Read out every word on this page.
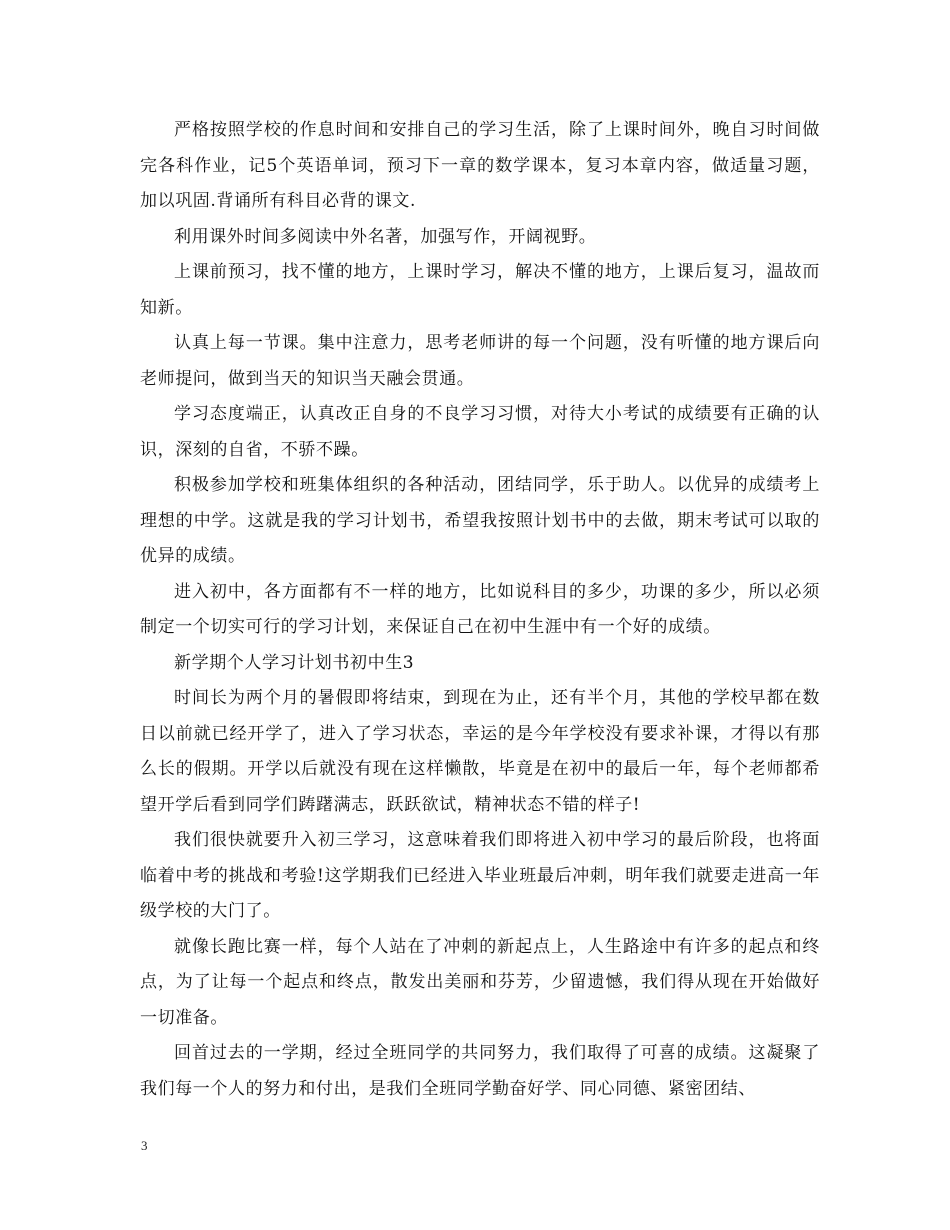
严格按照学校的作息时间和安排自己的学习生活，除了上课时间外，晚自习时间做完各科作业，记5个英语单词，预习下一章的数学课本，复习本章内容，做适量习题，加以巩固.背诵所有科目必背的课文.

利用课外时间多阅读中外名著，加强写作，开阔视野。

上课前预习，找不懂的地方，上课时学习，解决不懂的地方，上课后复习，温故而知新。

认真上每一节课。集中注意力，思考老师讲的每一个问题，没有听懂的地方课后向老师提问，做到当天的知识当天融会贯通。

学习态度端正，认真改正自身的不良学习习惯，对待大小考试的成绩要有正确的认识，深刻的自省，不骄不躁。

积极参加学校和班集体组织的各种活动，团结同学，乐于助人。以优异的成绩考上理想的中学。这就是我的学习计划书，希望我按照计划书中的去做，期末考试可以取的优异的成绩。

进入初中，各方面都有不一样的地方，比如说科目的多少，功课的多少，所以必须制定一个切实可行的学习计划，来保证自己在初中生涯中有一个好的成绩。

新学期个人学习计划书初中生3

时间长为两个月的暑假即将结束，到现在为止，还有半个月，其他的学校早都在数日以前就已经开学了，进入了学习状态，幸运的是今年学校没有要求补课，才得以有那么长的假期。开学以后就没有现在这样懒散，毕竟是在初中的最后一年，每个老师都希望开学后看到同学们踌躇满志，跃跃欲试，精神状态不错的样子!

我们很快就要升入初三学习，这意味着我们即将进入初中学习的最后阶段，也将面临着中考的挑战和考验!这学期我们已经进入毕业班最后冲刺，明年我们就要走进高一年级学校的大门了。

就像长跑比赛一样，每个人站在了冲刺的新起点上，人生路途中有许多的起点和终点，为了让每一个起点和终点，散发出美丽和芬芳，少留遗憾，我们得从现在开始做好一切准备。

回首过去的一学期，经过全班同学的共同努力，我们取得了可喜的成绩。这凝聚了我们每一个人的努力和付出，是我们全班同学勤奋好学、同心同德、紧密团结、

3
